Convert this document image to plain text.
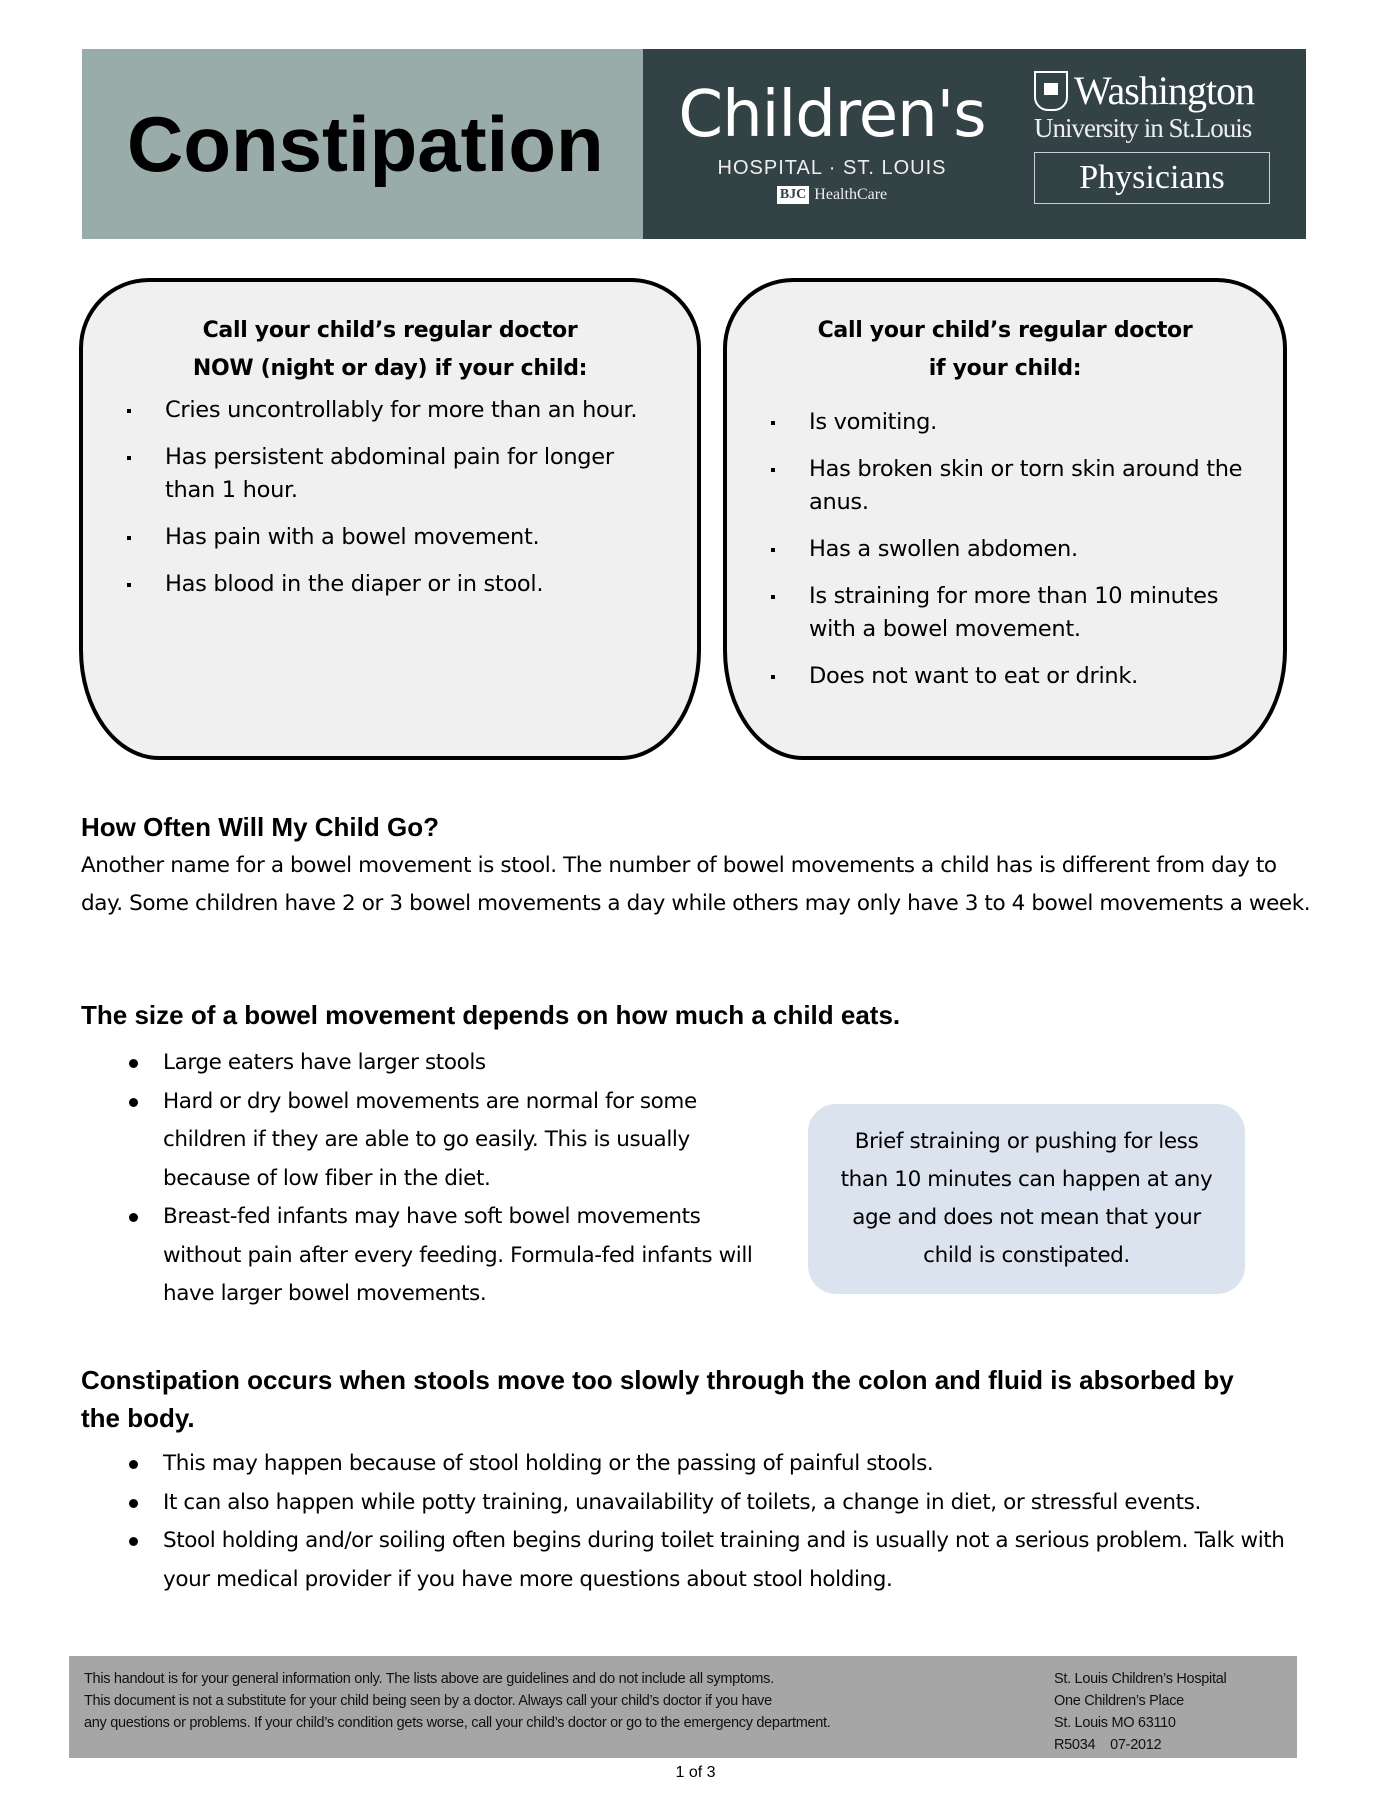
Constipation Children's
HOSPITAL · ST. LOUIS
BJC HealthCare
Washington
University in St.Louis
Physicians
Call your child’s regular doctor
NOW (night or day) if your child:
Cries uncontrollably for more than an hour.
Has persistent abdominal pain for longer than 1 hour.
Has pain with a bowel movement.
Has blood in the diaper or in stool.
Call your child’s regular doctor
if your child:
Is vomiting.
Has broken skin or torn skin around the anus.
Has a swollen abdomen.
Is straining for more than 10 minutes with a bowel movement.
Does not want to eat or drink.
How Often Will My Child Go?

Another name for a bowel movement is stool. The number of bowel movements a child has is different from day to day. Some children have 2 or 3 bowel movements a day while others may only have 3 to 4 bowel movements a week.

The size of a bowel movement depends on how much a child eats.
Large eaters have larger stools
Hard or dry bowel movements are normal for some children if they are able to go easily. This is usually because of low fiber in the diet.
Breast-fed infants may have soft bowel movements without pain after every feeding. Formula-fed infants will have larger bowel movements.
Brief straining or pushing for less than 10 minutes can happen at any age and does not mean that your child is constipated.
Constipation occurs when stools move too slowly through the colon and fluid is absorbed by the body.
This may happen because of stool holding or the passing of painful stools.
It can also happen while potty training, unavailability of toilets, a change in diet, or stressful events.
Stool holding and/or soiling often begins during toilet training and is usually not a serious problem. Talk with your medical provider if you have more questions about stool holding.
This handout is for your general information only. The lists above are guidelines and do not include all symptoms.
This document is not a substitute for your child being seen by a doctor. Always call your child’s doctor if you have
any questions or problems. If your child’s condition gets worse, call your child’s doctor or go to the emergency department.
St. Louis Children’s Hospital
One Children’s Place
St. Louis MO 63110
R5034    07-2012
1 of 3
